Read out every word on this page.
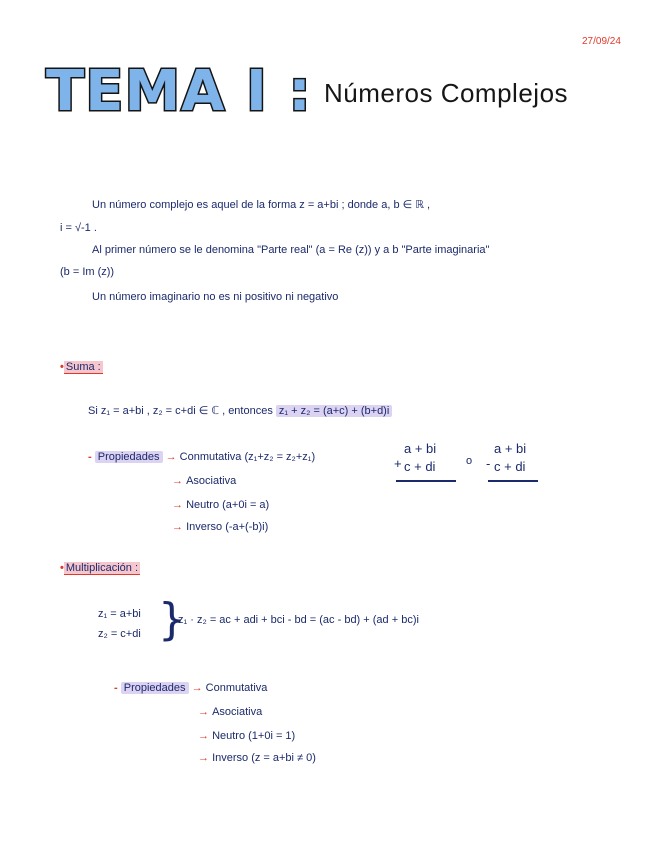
27/09/24
TEMA I : Números Complejos
Un número complejo es aquel de la forma z = a+bi ; donde a, b ∈ ℝ ,
i = √-1 .
Al primer número se le denomina "Parte real" (a = Re (z)) y a b "Parte imaginaria"
(b = Im (z))
Un número imaginario no es ni positivo ni negativo
• Suma :
Si z₁ = a+bi , z₂ = c+di ∈ ℂ , entonces z₁ + z₂ = (a+c) + (b+d)i
- Propiedades → Conmutativa (z₁+z₂ = z₂+z₁)
→ Asociativa
→ Neutro (a+0i = a)
→ Inverso (-a+(-b)i)
a + bi
+ c + di	o
a + bi
- c + di
• Multiplicación :
z₁ = a+bi
z₂ = c+di }
z₁ · z₂ = ac + adi + bci - bd = (ac - bd) + (ad + bc)i
- Propiedades → Conmutativa
→ Asociativa
→ Neutro (1+0i = 1)
→ Inverso (z = a+bi ≠ 0)
